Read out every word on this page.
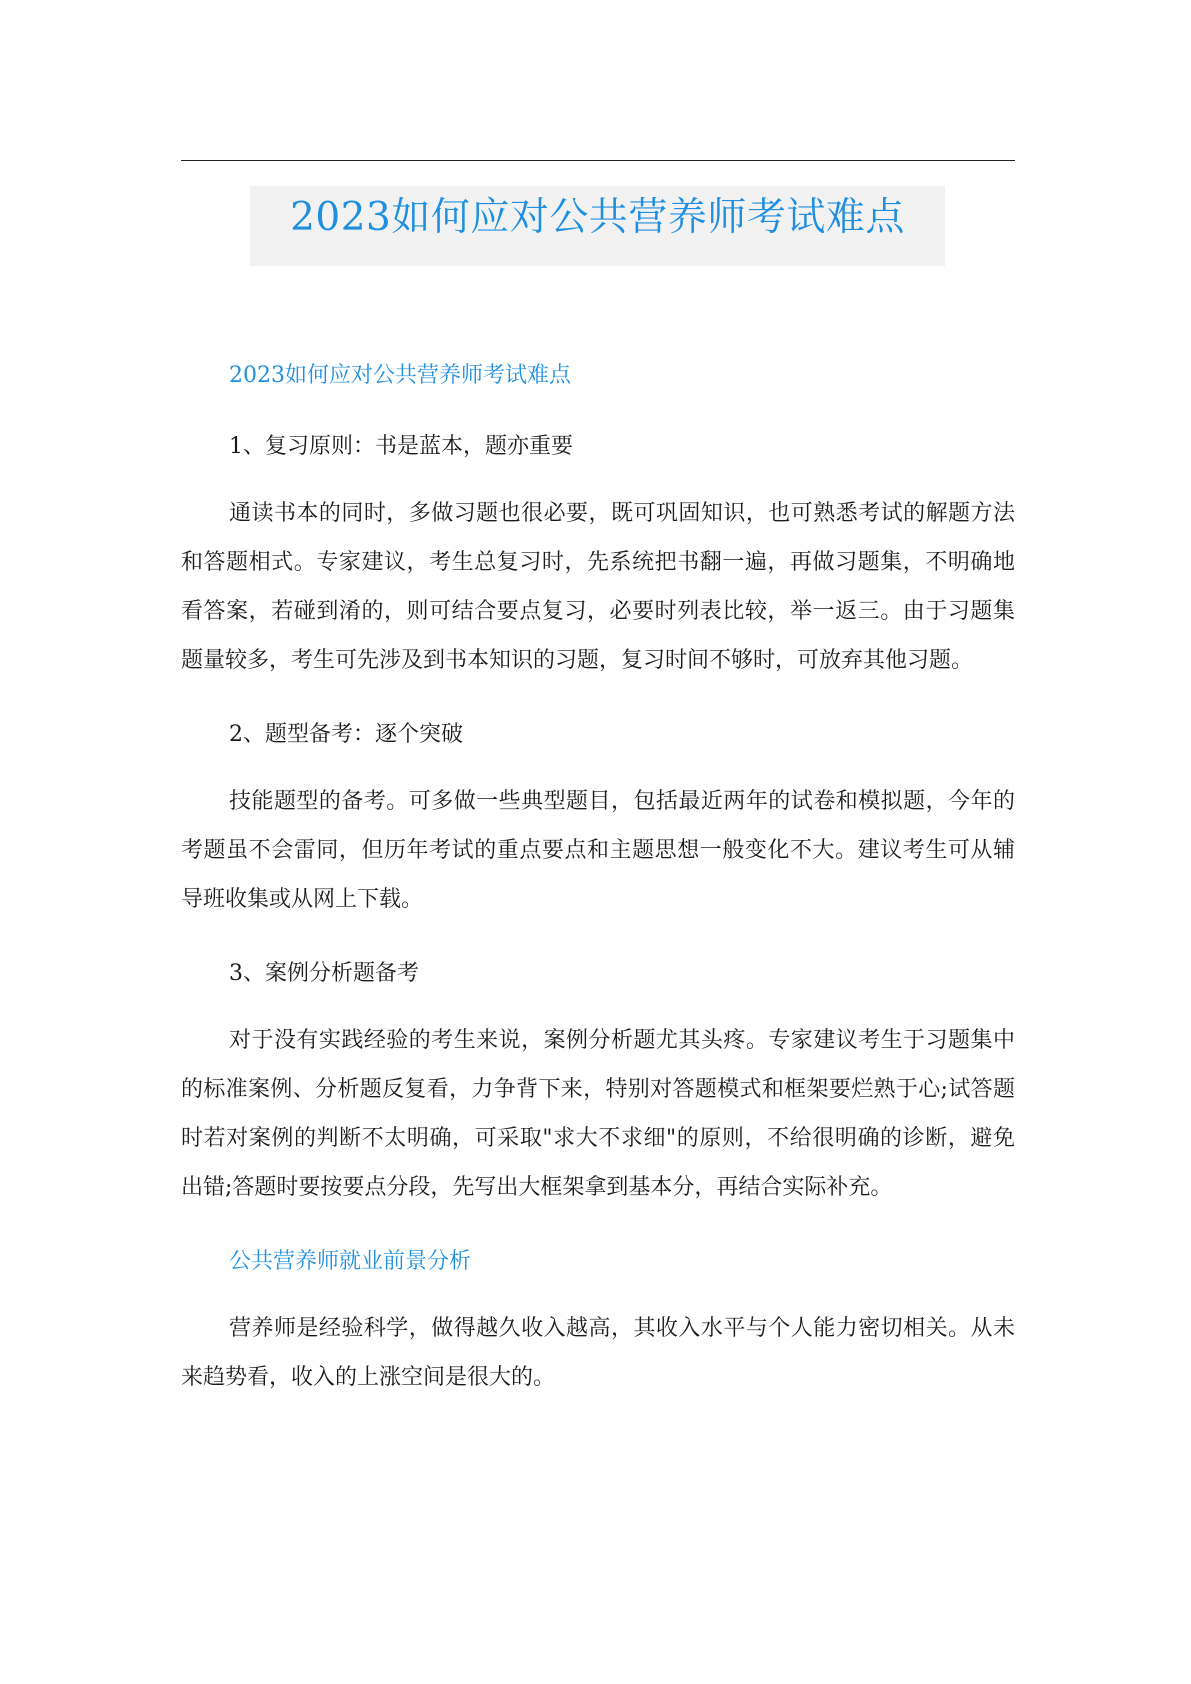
2023如何应对公共营养师考试难点

2023如何应对公共营养师考试难点

1、复习原则：书是蓝本，题亦重要

通读书本的同时，多做习题也很必要，既可巩固知识，也可熟悉考试的解题方法和答题相式。专家建议，考生总复习时，先系统把书翻一遍，再做习题集，不明确地看答案，若碰到淆的，则可结合要点复习，必要时列表比较，举一返三。由于习题集题量较多，考生可先涉及到书本知识的习题，复习时间不够时，可放弃其他习题。

2、题型备考：逐个突破

技能题型的备考。可多做一些典型题目，包括最近两年的试卷和模拟题，今年的考题虽不会雷同，但历年考试的重点要点和主题思想一般变化不大。建议考生可从辅导班收集或从网上下载。

3、案例分析题备考

对于没有实践经验的考生来说，案例分析题尤其头疼。专家建议考生于习题集中的标准案例、分析题反复看，力争背下来，特别对答题模式和框架要烂熟于心;试答题时若对案例的判断不太明确，可采取"求大不求细"的原则，不给很明确的诊断，避免出错;答题时要按要点分段，先写出大框架拿到基本分，再结合实际补充。

公共营养师就业前景分析

营养师是经验科学，做得越久收入越高，其收入水平与个人能力密切相关。从未来趋势看，收入的上涨空间是很大的。
